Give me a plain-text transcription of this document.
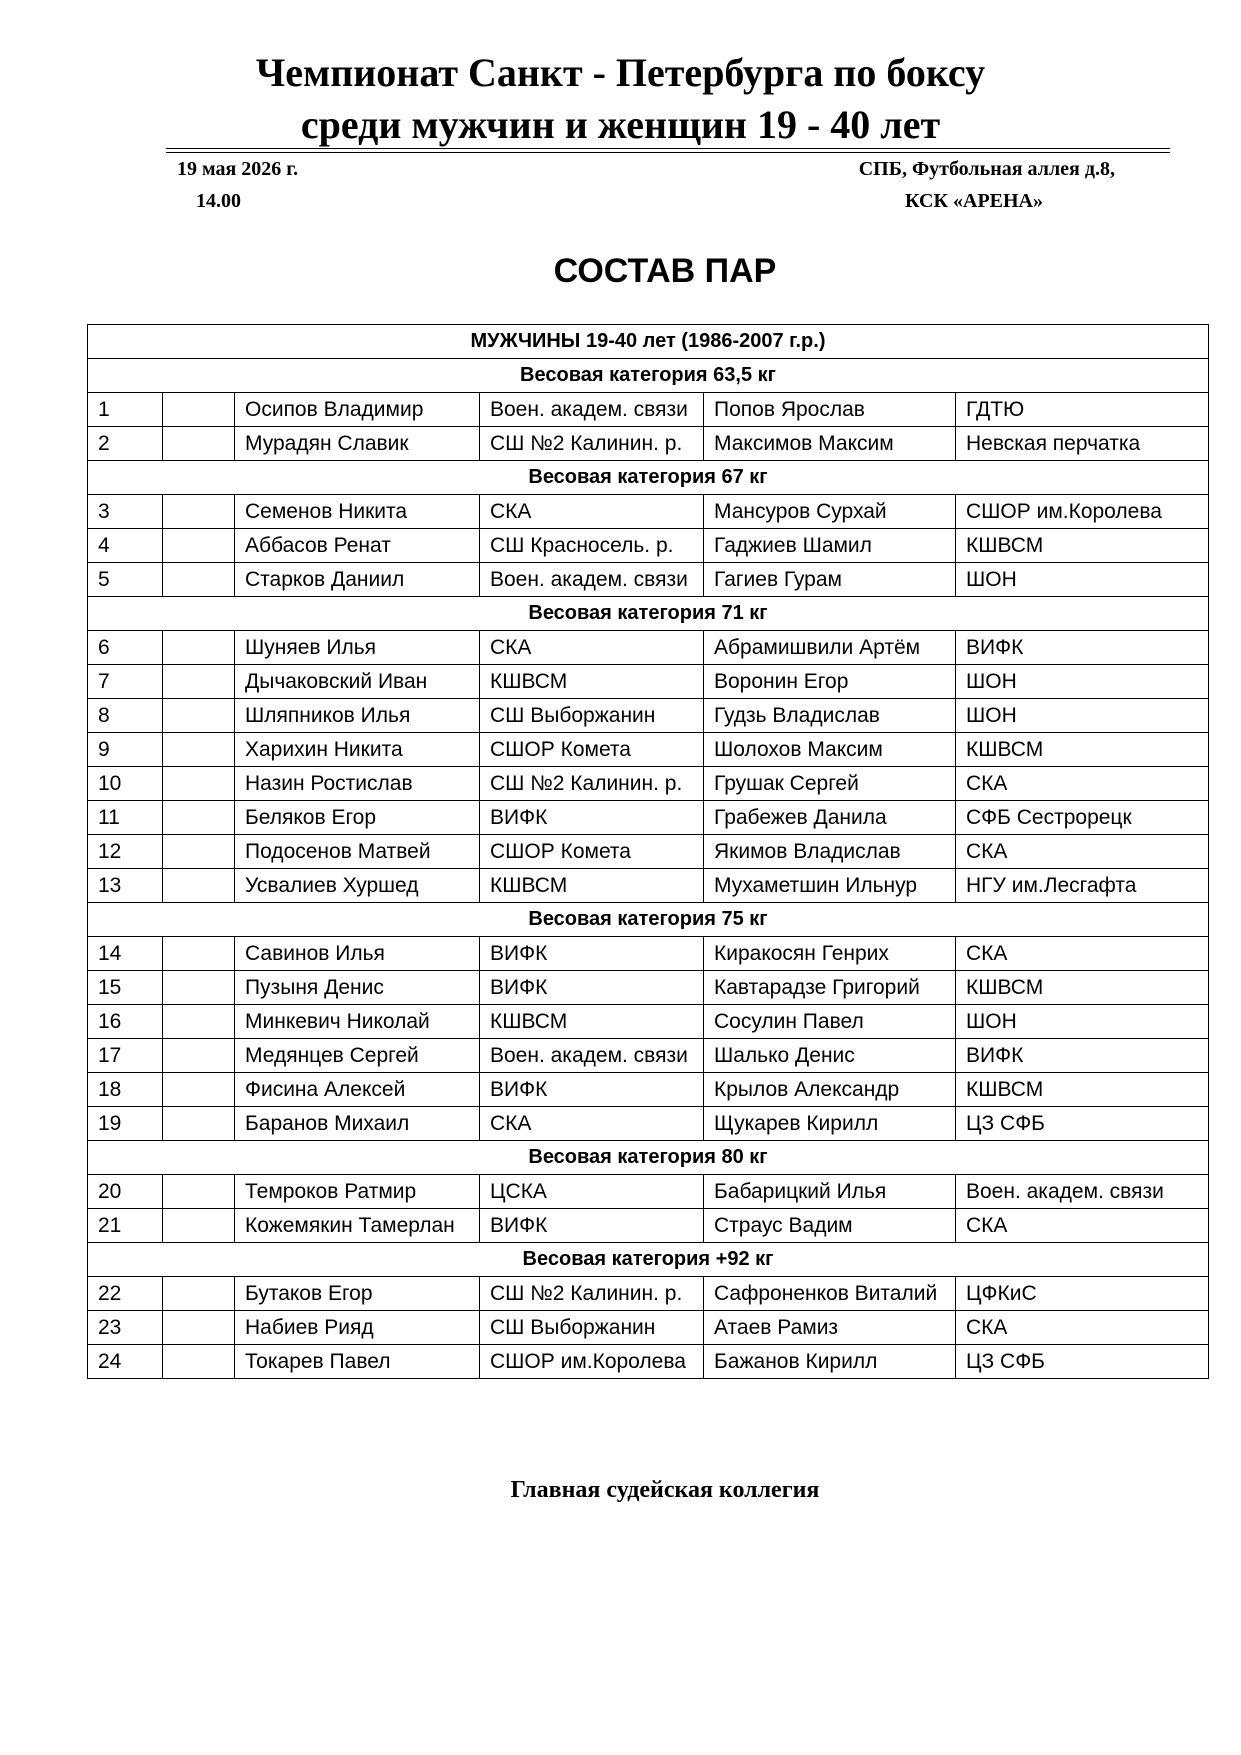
Чемпионат Санкт - Петербурга по боксу
среди мужчин и женщин 19 - 40 лет
19 мая 2026 г.
14.00
СПБ, Футбольная аллея д.8,
КСК «АРЕНА»
СОСТАВ ПАР
МУЖЧИНЫ 19-40 лет (1986-2007 г.р.)					
Весовая категория 63,5 кг					
1		Осипов Владимир	Воен. академ. связи	Попов Ярослав	ГДТЮ
2		Мурадян Славик	СШ №2 Калинин. р.	Максимов Максим	Невская перчатка
Весовая категория 67 кг					
3		Семенов Никита	СКА	Мансуров Сурхай	СШОР им.Королева
4		Аббасов Ренат	СШ Красносель. р.	Гаджиев Шамил	КШВСМ
5		Старков Даниил	Воен. академ. связи	Гагиев Гурам	ШОН
Весовая категория 71 кг					
6		Шуняев Илья	СКА	Абрамишвили Артём	ВИФК
7		Дычаковский Иван	КШВСМ	Воронин Егор	ШОН
8		Шляпников Илья	СШ Выборжанин	Гудзь Владислав	ШОН
9		Харихин Никита	СШОР Комета	Шолохов Максим	КШВСМ
10		Назин Ростислав	СШ №2 Калинин. р.	Грушак Сергей	СКА
11		Беляков Егор	ВИФК	Грабежев Данила	СФБ Сестрорецк
12		Подосенов Матвей	СШОР Комета	Якимов Владислав	СКА
13		Усвалиев Хуршед	КШВСМ	Мухаметшин Ильнур	НГУ им.Лесгафта
Весовая категория 75 кг					
14		Савинов Илья	ВИФК	Киракосян Генрих	СКА
15		Пузыня Денис	ВИФК	Кавтарадзе Григорий	КШВСМ
16		Минкевич Николай	КШВСМ	Сосулин Павел	ШОН
17		Медянцев Сергей	Воен. академ. связи	Шалько Денис	ВИФК
18		Фисина Алексей	ВИФК	Крылов Александр	КШВСМ
19		Баранов Михаил	СКА	Щукарев Кирилл	ЦЗ СФБ
Весовая категория 80 кг					
20		Темроков Ратмир	ЦСКА	Бабарицкий Илья	Воен. академ. связи
21		Кожемякин Тамерлан	ВИФК	Страус Вадим	СКА
Весовая категория +92 кг					
22		Бутаков Егор	СШ №2 Калинин. р.	Сафроненков Виталий	ЦФКиС
23		Набиев Рияд	СШ Выборжанин	Атаев Рамиз	СКА
24		Токарев Павел	СШОР им.Королева	Бажанов Кирилл	ЦЗ СФБ
Главная судейская коллегия
